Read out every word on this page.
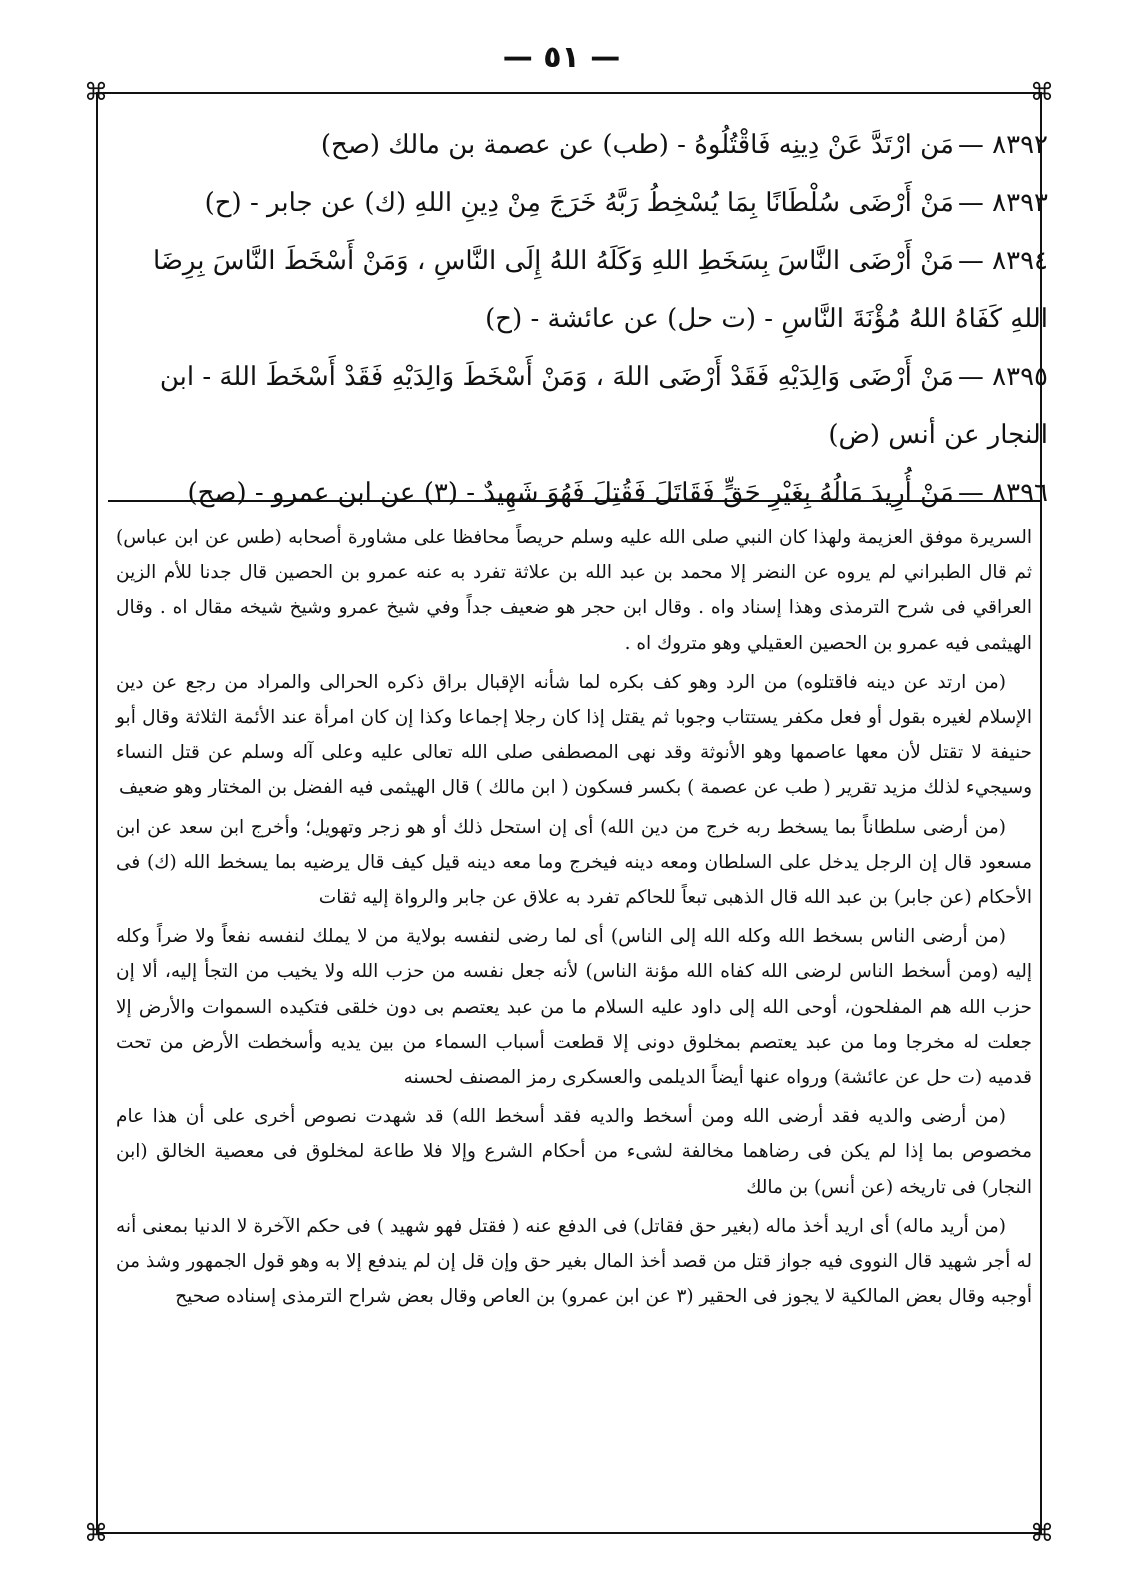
— ٥١ —
⌘	⌘
⌘	⌘

٨٣٩٢ —مَن ارْتَدَّ عَنْ دِينِه فَاقْتُلُوهُ - (طب) عن عصمة بن مالك (صح)

٨٣٩٣ —مَنْ أَرْضَى سُلْطَانًا بِمَا يُسْخِطُ رَبَّهُ خَرَجَ مِنْ دِينِ اللهِ (ك) عن جابر - (ح)

٨٣٩٤ —مَنْ أَرْضَى النَّاسَ بِسَخَطِ اللهِ وَكَلَهُ اللهُ إِلَى النَّاسِ ، وَمَنْ أَسْخَطَ النَّاسَ بِرِضَا اللهِ كَفَاهُ اللهُ مُؤْنَةَ النَّاسِ - (ت حل) عن عائشة - (ح)

٨٣٩٥ —مَنْ أَرْضَى وَالِدَيْهِ فَقَدْ أَرْضَى اللهَ ، وَمَنْ أَسْخَطَ وَالِدَيْهِ فَقَدْ أَسْخَطَ اللهَ - ابن النجار عن أنس (ض)

٨٣٩٦ —مَنْ أُرِيدَ مَالُهُ بِغَيْرِ حَقٍّ فَقَاتَلَ فَقُتِلَ فَهُوَ شَهِيدٌ - (٣) عن ابن عمرو - (صح)

السريرة موفق العزيمة ولهذا كان النبي صلى الله عليه وسلم حريصاً محافظا على مشاورة أصحابه (طس عن ابن عباس) ثم قال الطبراني لم يروه عن النضر إلا محمد بن عبد الله بن علاثة تفرد به عنه عمرو بن الحصين قال جدنا للأم الزين العراقي فى شرح الترمذى وهذا إسناد واه . وقال ابن حجر هو ضعيف جداً وفي شيخ عمرو وشيخ شيخه مقال اه . وقال الهيثمى فيه عمرو بن الحصين العقيلي وهو متروك اه .

(من ارتد عن دينه فاقتلوه) من الرد وهو كف بكره لما شأنه الإقبال براق ذكره الحرالى والمراد من رجع عن دين الإسلام لغيره بقول أو فعل مكفر يستتاب وجوبا ثم يقتل إذا كان رجلا إجماعا وكذا إن كان امرأة عند الأئمة الثلاثة وقال أبو حنيفة لا تقتل لأن معها عاصمها وهو الأنوثة وقد نهى المصطفى صلى الله تعالى عليه وعلى آله وسلم عن قتل النساء وسيجيء لذلك مزيد تقرير ( طب عن عصمة ) بكسر فسكون ( ابن مالك ) قال الهيثمى فيه الفضل بن المختار وهو ضعيف

(من أرضى سلطاناً بما يسخط ربه خرج من دين الله) أى إن استحل ذلك أو هو زجر وتهويل؛ وأخرج ابن سعد عن ابن مسعود قال إن الرجل يدخل على السلطان ومعه دينه فيخرج وما معه دينه قيل كيف قال يرضيه بما يسخط الله (ك) فى الأحكام (عن جابر) بن عبد الله قال الذهبى تبعاً للحاكم تفرد به علاق عن جابر والرواة إليه ثقات

(من أرضى الناس بسخط الله وكله الله إلى الناس) أى لما رضى لنفسه بولاية من لا يملك لنفسه نفعاً ولا ضراً وكله إليه (ومن أسخط الناس لرضى الله كفاه الله مؤنة الناس) لأنه جعل نفسه من حزب الله ولا يخيب من التجأ إليه، ألا إن حزب الله هم المفلحون، أوحى الله إلى داود عليه السلام ما من عبد يعتصم بى دون خلقى فتكيده السموات والأرض إلا جعلت له مخرجا وما من عبد يعتصم بمخلوق دونى إلا قطعت أسباب السماء من بين يديه وأسخطت الأرض من تحت قدميه (ت حل عن عائشة) ورواه عنها أيضاً الديلمى والعسكرى رمز المصنف لحسنه

(من أرضى والديه فقد أرضى الله ومن أسخط والديه فقد أسخط الله) قد شهدت نصوص أخرى على أن هذا عام مخصوص بما إذا لم يكن فى رضاهما مخالفة لشىء من أحكام الشرع وإلا فلا طاعة لمخلوق فى معصية الخالق (ابن النجار) فى تاريخه (عن أنس) بن مالك

(من أريد ماله) أى اريد أخذ ماله (بغير حق فقاتل) فى الدفع عنه ( فقتل فهو شهيد ) فى حكم الآخرة لا الدنيا بمعنى أنه له أجر شهيد قال النووى فيه جواز قتل من قصد أخذ المال بغير حق وإن قل إن لم يندفع إلا به وهو قول الجمهور وشذ من أوجبه وقال بعض المالكية لا يجوز فى الحقير (٣ عن ابن عمرو) بن العاص وقال بعض شراح الترمذى إسناده صحيح
